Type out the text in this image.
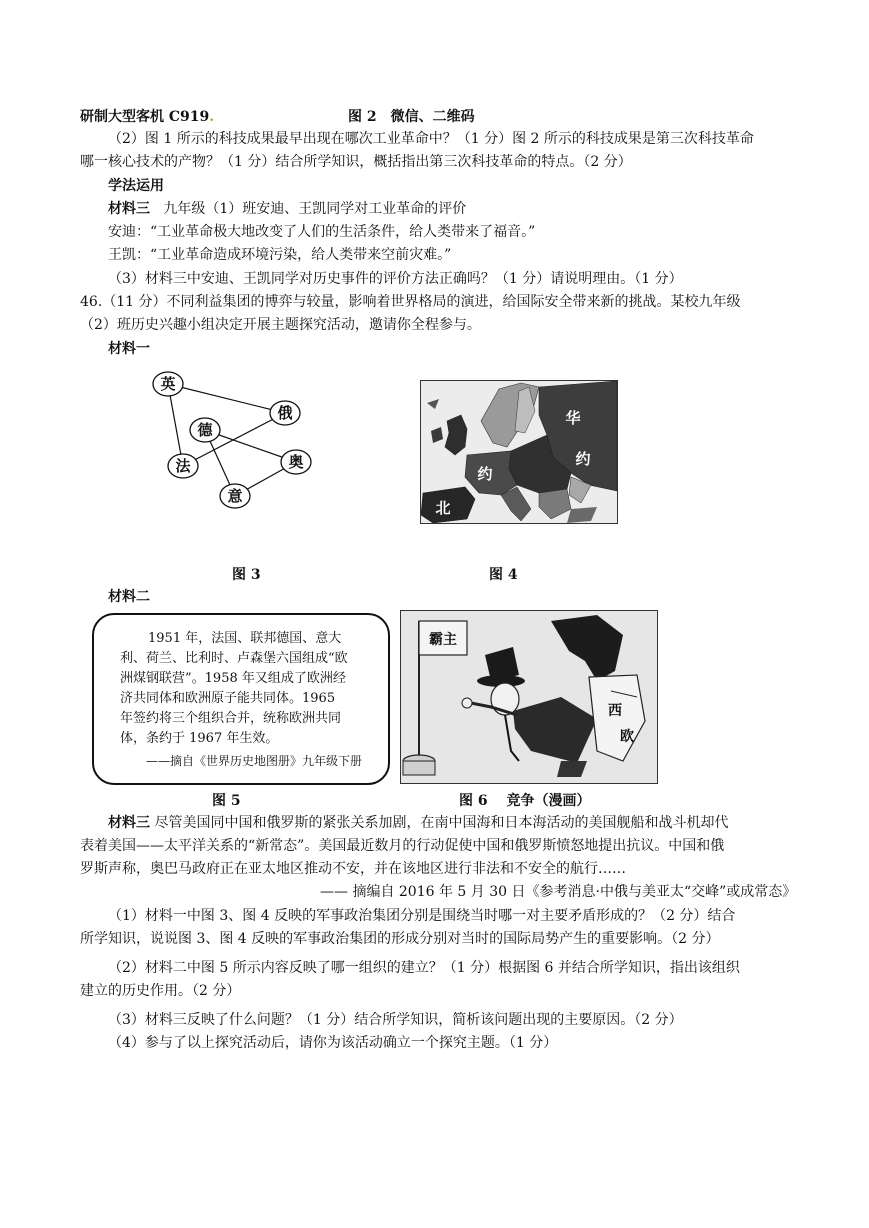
研制大型客机 C919.	图 2　微信、二维码
（2）图 1 所示的科技成果最早出现在哪次工业革命中？（1 分）图 2 所示的科技成果是第三次科技革命
哪一核心技术的产物？（1 分）结合所学知识，概括指出第三次科技革命的特点。（2 分）
学法运用
材料三 九年级（1）班安迪、王凯同学对工业革命的评价
安迪：“工业革命极大地改变了人们的生活条件，给人类带来了福音。”
王凯：“工业革命造成环境污染，给人类带来空前灾难。”
（3）材料三中安迪、王凯同学对历史事件的评价方法正确吗？（1 分）请说明理由。（1 分）
46.（11 分）不同利益集团的博弈与较量，影响着世界格局的演进，给国际安全带来新的挑战。某校九年级
（2）班历史兴趣小组决定开展主题探究活动，邀请你全程参与。
材料一
英
俄
德
奥
法
意
华
约
约
北
图 3	图 4
材料二
1951 年，法国、联邦德国、意大
利、荷兰、比利时、卢森堡六国组成“欧
洲煤钢联营”。1958 年又组成了欧洲经
济共同体和欧洲原子能共同体。1965
年签约将三个组织合并，统称欧洲共同
体，条约于 1967 年生效。
——摘自《世界历史地图册》九年级下册
霸主
西
欧
图 5	图 6　 竞争（漫画）
材料三 尽管美国同中国和俄罗斯的紧张关系加剧，在南中国海和日本海活动的美国舰船和战斗机却代
表着美国——太平洋关系的“新常态”。美国最近数月的行动促使中国和俄罗斯愤怒地提出抗议。中国和俄
罗斯声称，奥巴马政府正在亚太地区推动不安，并在该地区进行非法和不安全的航行……
—— 摘编自 2016 年 5 月 30 日《参考消息·中俄与美亚太“交峰”或成常态》
（1）材料一中图 3、图 4 反映的军事政治集团分别是围绕当时哪一对主要矛盾形成的？（2 分）结合
所学知识，说说图 3、图 4 反映的军事政治集团的形成分别对当时的国际局势产生的重要影响。（2 分）
（2）材料二中图 5 所示内容反映了哪一组织的建立？（1 分）根据图 6 并结合所学知识，指出该组织
建立的历史作用。（2 分）
（3）材料三反映了什么问题？（1 分）结合所学知识，简析该问题出现的主要原因。（2 分）
（4）参与了以上探究活动后，请你为该活动确立一个探究主题。（1 分）
